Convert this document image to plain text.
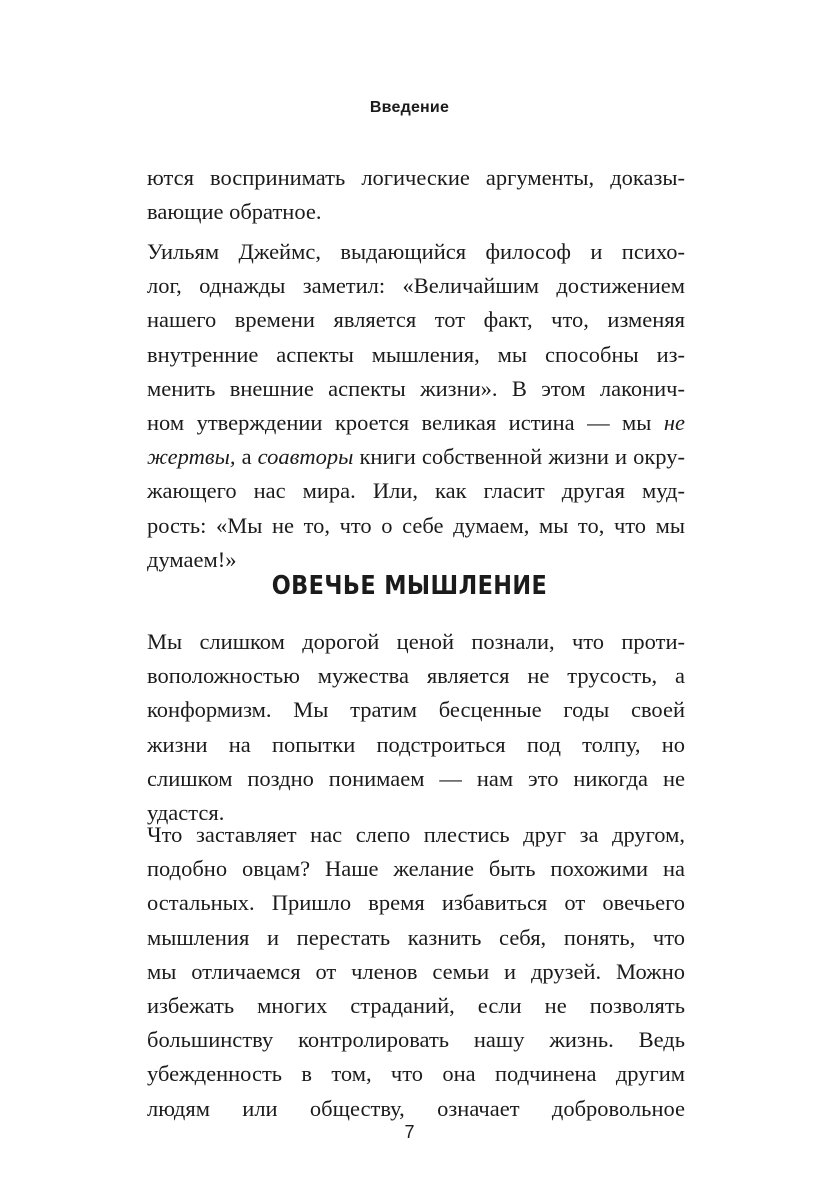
Введение
ются воспринимать логические аргументы, доказы-
вающие обратное.
Уильям Джеймс, выдающийся философ и психо-
лог, однажды заметил: «Величайшим достижением
нашего времени является тот факт, что, изменяя
внутренние аспекты мышления, мы способны из-
менить внешние аспекты жизни». В этом лаконич-
ном утверждении кроется великая истина — мы не
жертвы, а соавторы книги собственной жизни и окру-
жающего нас мира. Или, как гласит другая муд-
рость: «Мы не то, что о себе думаем, мы то, что мы
думаем!»
ОВЕЧЬЕ МЫШЛЕНИЕ
Мы слишком дорогой ценой познали, что проти-
воположностью мужества является не трусость, а
конформизм. Мы тратим бесценные годы своей
жизни на попытки подстроиться под толпу, но
слишком поздно понимаем — нам это никогда не
удастся.
Что заставляет нас слепо плестись друг за другом,
подобно овцам? Наше желание быть похожими на
остальных. Пришло время избавиться от овечьего
мышления и перестать казнить себя, понять, что
мы отличаемся от членов семьи и друзей. Можно
избежать многих страданий, если не позволять
большинству контролировать нашу жизнь. Ведь
убежденность в том, что она подчинена другим
людям или обществу, означает добровольное
7
